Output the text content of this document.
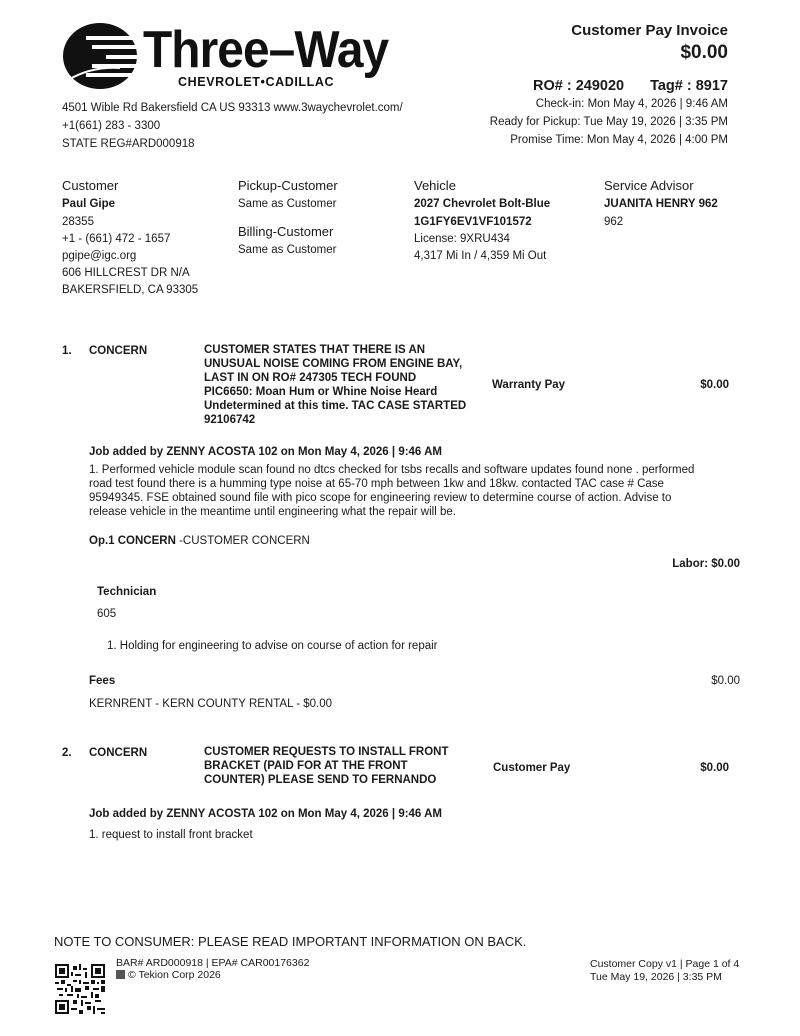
Three–Way
CHEVROLET•CADILLAC
4501 Wible Rd Bakersfield CA US 93313 www.3waychevrolet.com/
+1(661) 283 - 3300
STATE REG#ARD000918
Customer Pay Invoice
$0.00
RO# : 249020 Tag# : 8917
Check-in: Mon May 4, 2026 | 9:46 AM
Ready for Pickup: Tue May 19, 2026 | 3:35 PM
Promise Time: Mon May 4, 2026 | 4:00 PM
Customer
Paul Gipe
28355
+1 - (661) 472 - 1657
pgipe@igc.org
606 HILLCREST DR N/A
BAKERSFIELD, CA 93305
Pickup-Customer
Same as Customer
Billing-Customer
Same as Customer
Vehicle
2027 Chevrolet Bolt-Blue
1G1FY6EV1VF101572
License: 9XRU434
4,317 Mi In / 4,359 Mi Out
Service Advisor
JUANITA HENRY 962
962
1. CONCERN	CUSTOMER STATES THAT THERE IS AN
UNUSUAL NOISE COMING FROM ENGINE BAY,
LAST IN ON RO# 247305 TECH FOUND
PIC6650: Moan Hum or Whine Noise Heard
Undetermined at this time. TAC CASE STARTED
92106742
Warranty Pay	$0.00
Job added by ZENNY ACOSTA 102 on Mon May 4, 2026 | 9:46 AM
1. Performed vehicle module scan found no dtcs checked for tsbs recalls and software updates found none . performed
road test found there is a humming type noise at 65-70 mph between 1kw and 18kw. contacted TAC case # Case
95949345. FSE obtained sound file with pico scope for engineering review to determine course of action. Advise to
release vehicle in the meantime until engineering what the repair will be.
Op.1 CONCERN -CUSTOMER CONCERN
Labor: $0.00
Technician
605
1. Holding for engineering to advise on course of action for repair
Fees	$0.00
KERNRENT - KERN COUNTY RENTAL - $0.00
2. CONCERN	CUSTOMER REQUESTS TO INSTALL FRONT
BRACKET (PAID FOR AT THE FRONT
COUNTER) PLEASE SEND TO FERNANDO
Customer Pay	$0.00
Job added by ZENNY ACOSTA 102 on Mon May 4, 2026 | 9:46 AM
1. request to install front bracket
NOTE TO CONSUMER: PLEASE READ IMPORTANT INFORMATION ON BACK.
BAR# ARD000918 | EPA# CAR00176362
© Tekion Corp 2026
Customer Copy v1 | Page 1 of 4
Tue May 19, 2026 | 3:35 PM
